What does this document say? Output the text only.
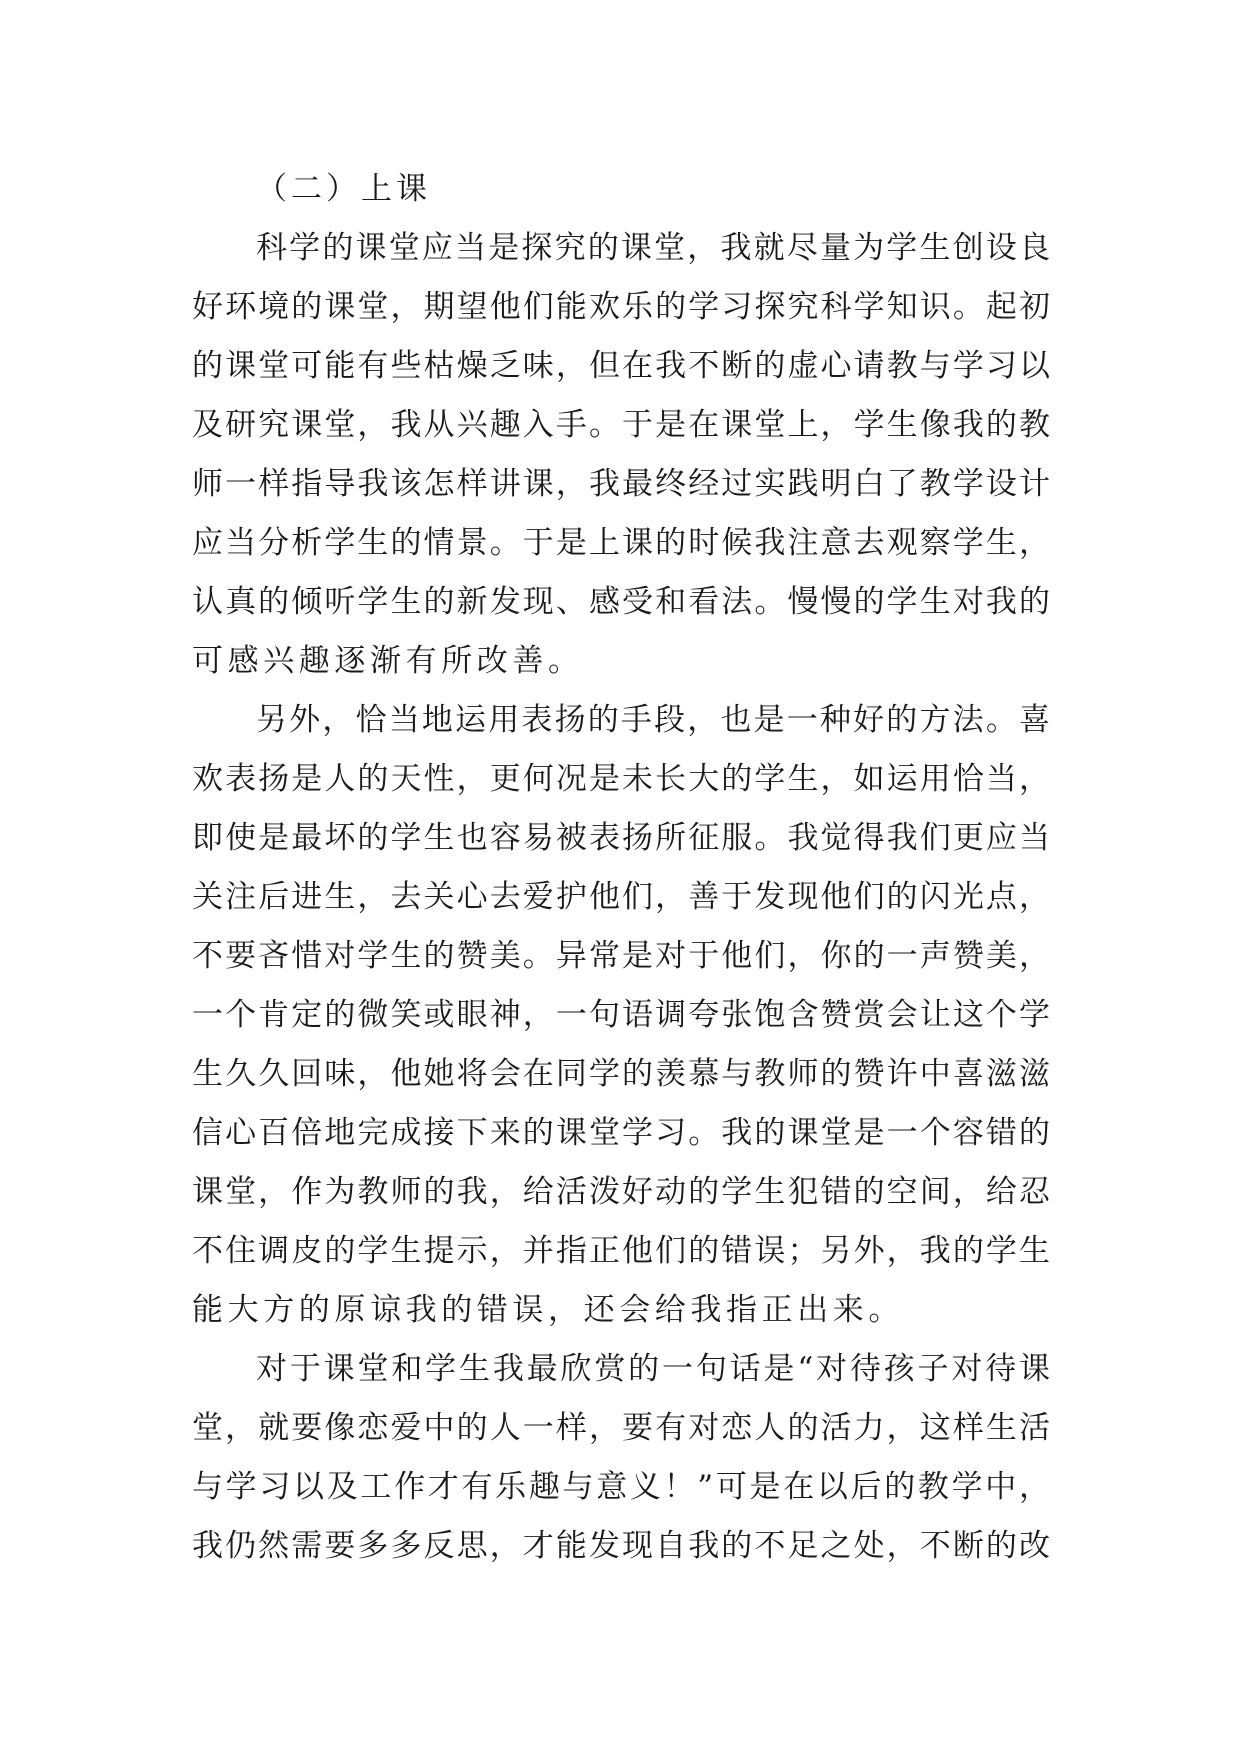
（二）上课
科学的课堂应当是探究的课堂，我就尽量为学生创设良
好环境的课堂，期望他们能欢乐的学习探究科学知识。起初
的课堂可能有些枯燥乏味，但在我不断的虚心请教与学习以
及研究课堂，我从兴趣入手。于是在课堂上，学生像我的教
师一样指导我该怎样讲课，我最终经过实践明白了教学设计
应当分析学生的情景。于是上课的时候我注意去观察学生，
认真的倾听学生的新发现、感受和看法。慢慢的学生对我的
可感兴趣逐渐有所改善。
另外，恰当地运用表扬的手段，也是一种好的方法。喜
欢表扬是人的天性，更何况是未长大的学生，如运用恰当，
即使是最坏的学生也容易被表扬所征服。我觉得我们更应当
关注后进生，去关心去爱护他们，善于发现他们的闪光点，
不要吝惜对学生的赞美。异常是对于他们，你的一声赞美，
一个肯定的微笑或眼神，一句语调夸张饱含赞赏会让这个学
生久久回味，他她将会在同学的羡慕与教师的赞许中喜滋滋
信心百倍地完成接下来的课堂学习。我的课堂是一个容错的
课堂，作为教师的我，给活泼好动的学生犯错的空间，给忍
不住调皮的学生提示，并指正他们的错误；另外，我的学生
能大方的原谅我的错误，还会给我指正出来。
对于课堂和学生我最欣赏的一句话是“对待孩子对待课
堂，就要像恋爱中的人一样，要有对恋人的活力，这样生活
与学习以及工作才有乐趣与意义！”可是在以后的教学中，
我仍然需要多多反思，才能发现自我的不足之处，不断的改
